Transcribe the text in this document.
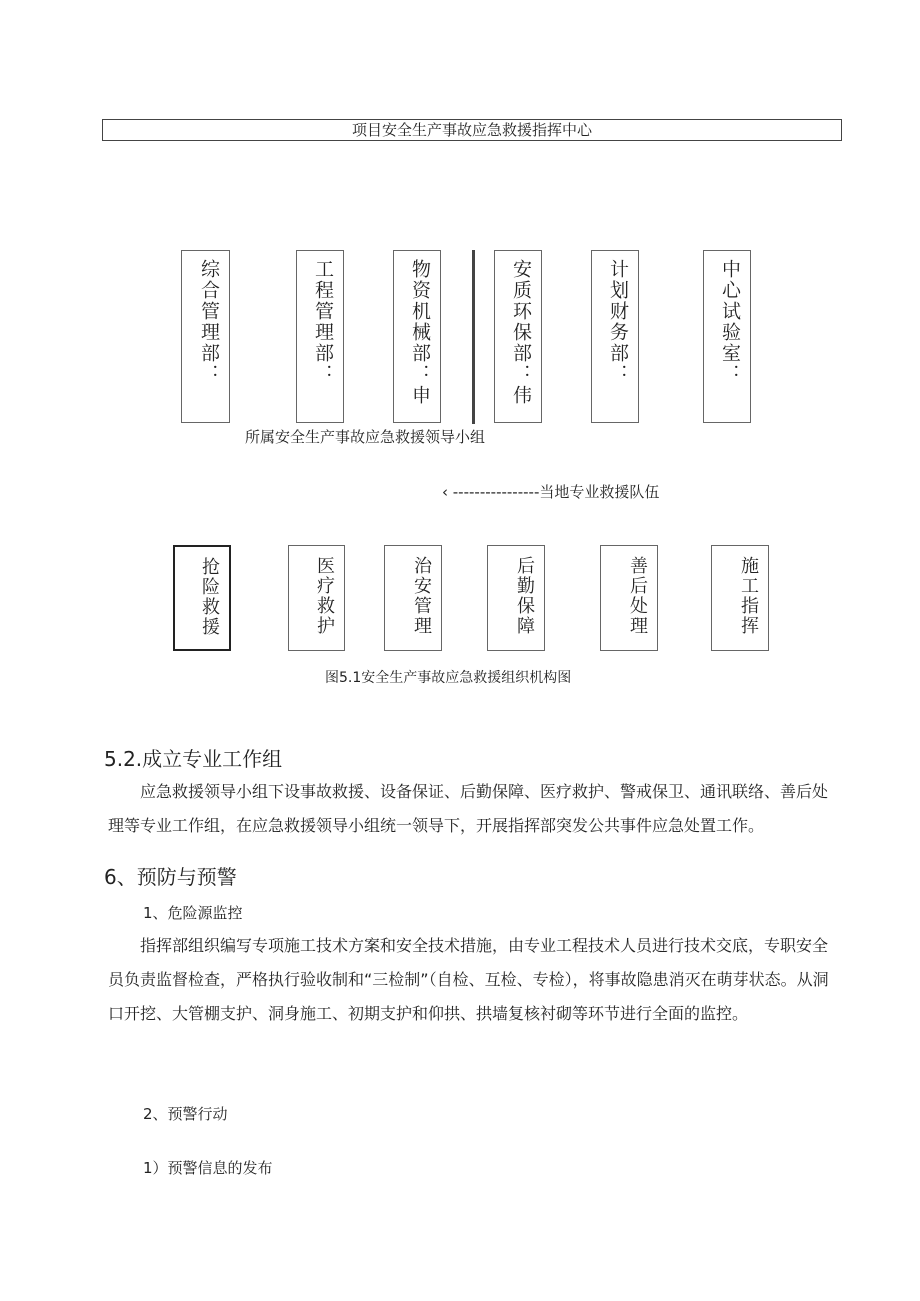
项目安全生产事故应急救援指挥中心
综合管理部：	工程管理部：	物资机械部：申	安质环保部：伟	计划财务部：	中心试验室：
所属安全生产事故应急救援领导小组
‹ ----------------当地专业救援队伍
抢险救援	医疗救护	治安管理	后勤保障	善后处理	施工指挥
图5.1安全生产事故应急救援组织机构图
5.2.成立专业工作组

应急救援领导小组下设事故救援、设备保证、后勤保障、医疗救护、警戒保卫、通讯联络、善后处理等专业工作组，在应急救援领导小组统一领导下，开展指挥部突发公共事件应急处置工作。

6、预防与预警
1、危险源监控

指挥部组织编写专项施工技术方案和安全技术措施，由专业工程技术人员进行技术交底，专职安全员负责监督检查，严格执行验收制和“三检制”（自检、互检、专检），将事故隐患消灭在萌芽状态。从洞口开挖、大管棚支护、洞身施工、初期支护和仰拱、拱墙复核衬砌等环节进行全面的监控。

2、预警行动
1）预警信息的发布
